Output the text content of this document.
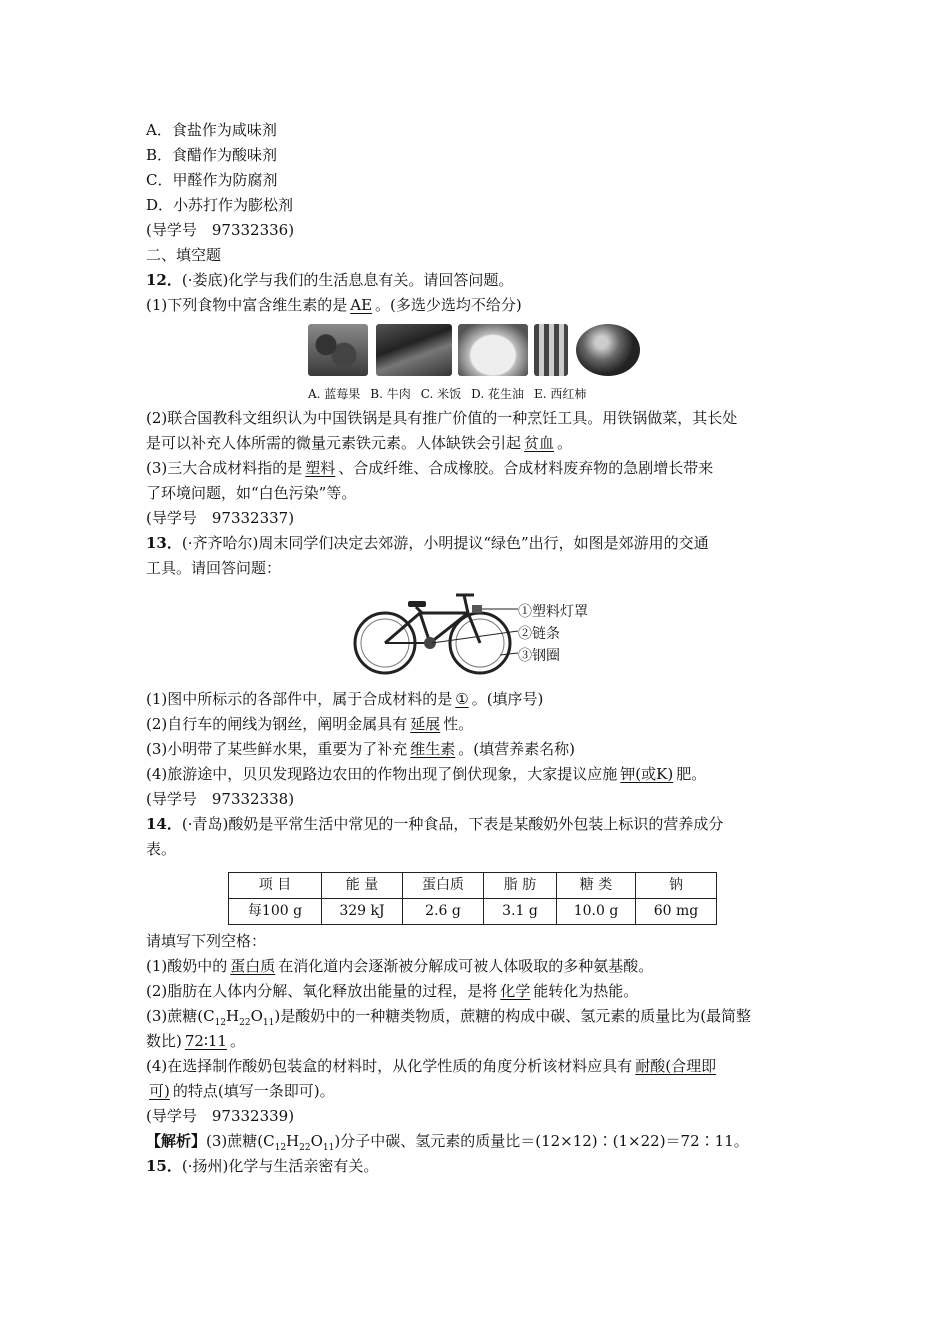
A．食盐作为咸味剂
B．食醋作为酸味剂
C．甲醛作为防腐剂
D．小苏打作为膨松剂
(导学号　97332336)
二、填空题
12．(·娄底)化学与我们的生活息息有关。请回答问题。
(1)下列食物中富含维生素的是 AE 。(多选少选均不给分)
A. 蓝莓果 B. 牛肉 C. 米饭 D. 花生油 E. 西红柿
(2)联合国教科文组织认为中国铁锅是具有推广价值的一种烹饪工具。用铁锅做菜，其长处
是可以补充人体所需的微量元素铁元素。人体缺铁会引起 贫血 。
(3)三大合成材料指的是 塑料 、合成纤维、合成橡胶。合成材料废弃物的急剧增长带来
了环境问题，如“白色污染”等。
(导学号　97332337)
13．(·齐齐哈尔)周末同学们决定去郊游，小明提议“绿色”出行，如图是郊游用的交通
工具。请回答问题：
①塑料灯罩
②链条
③钢圈
(1)图中所标示的各部件中，属于合成材料的是 ① 。(填序号)
(2)自行车的闸线为钢丝，阐明金属具有 延展 性。
(3)小明带了某些鲜水果，重要为了补充 维生素 。(填营养素名称)
(4)旅游途中，贝贝发现路边农田的作物出现了倒伏现象，大家提议应施 钾(或K) 肥。
(导学号　97332338)
14．(·青岛)酸奶是平常生活中常见的一种食品，下表是某酸奶外包装上标识的营养成分
表。
项 目	能 量	蛋白质	脂 肪	糖 类	钠
每100 g	329 kJ	2.6 g	3.1 g	10.0 g	60 mg
请填写下列空格：
(1)酸奶中的 蛋白质 在消化道内会逐渐被分解成可被人体吸取的多种氨基酸。
(2)脂肪在人体内分解、氧化释放出能量的过程，是将 化学 能转化为热能。
(3)蔗糖$(C_{12}H_{22}O_{11})$是酸奶中的一种糖类物质，蔗糖的构成中碳、氢元素的质量比为(最简整
数比) 72∶11 。
(4)在选择制作酸奶包装盒的材料时，从化学性质的角度分析该材料应具有 耐酸(合理即
可) 的特点(填写一条即可)。
(导学号　97332339)
【解析】(3)蔗糖$(C_{12}H_{22}O_{11})$分子中碳、氢元素的质量比＝(12×12)∶(1×22)＝72∶11。
15．(·扬州)化学与生活亲密有关。
